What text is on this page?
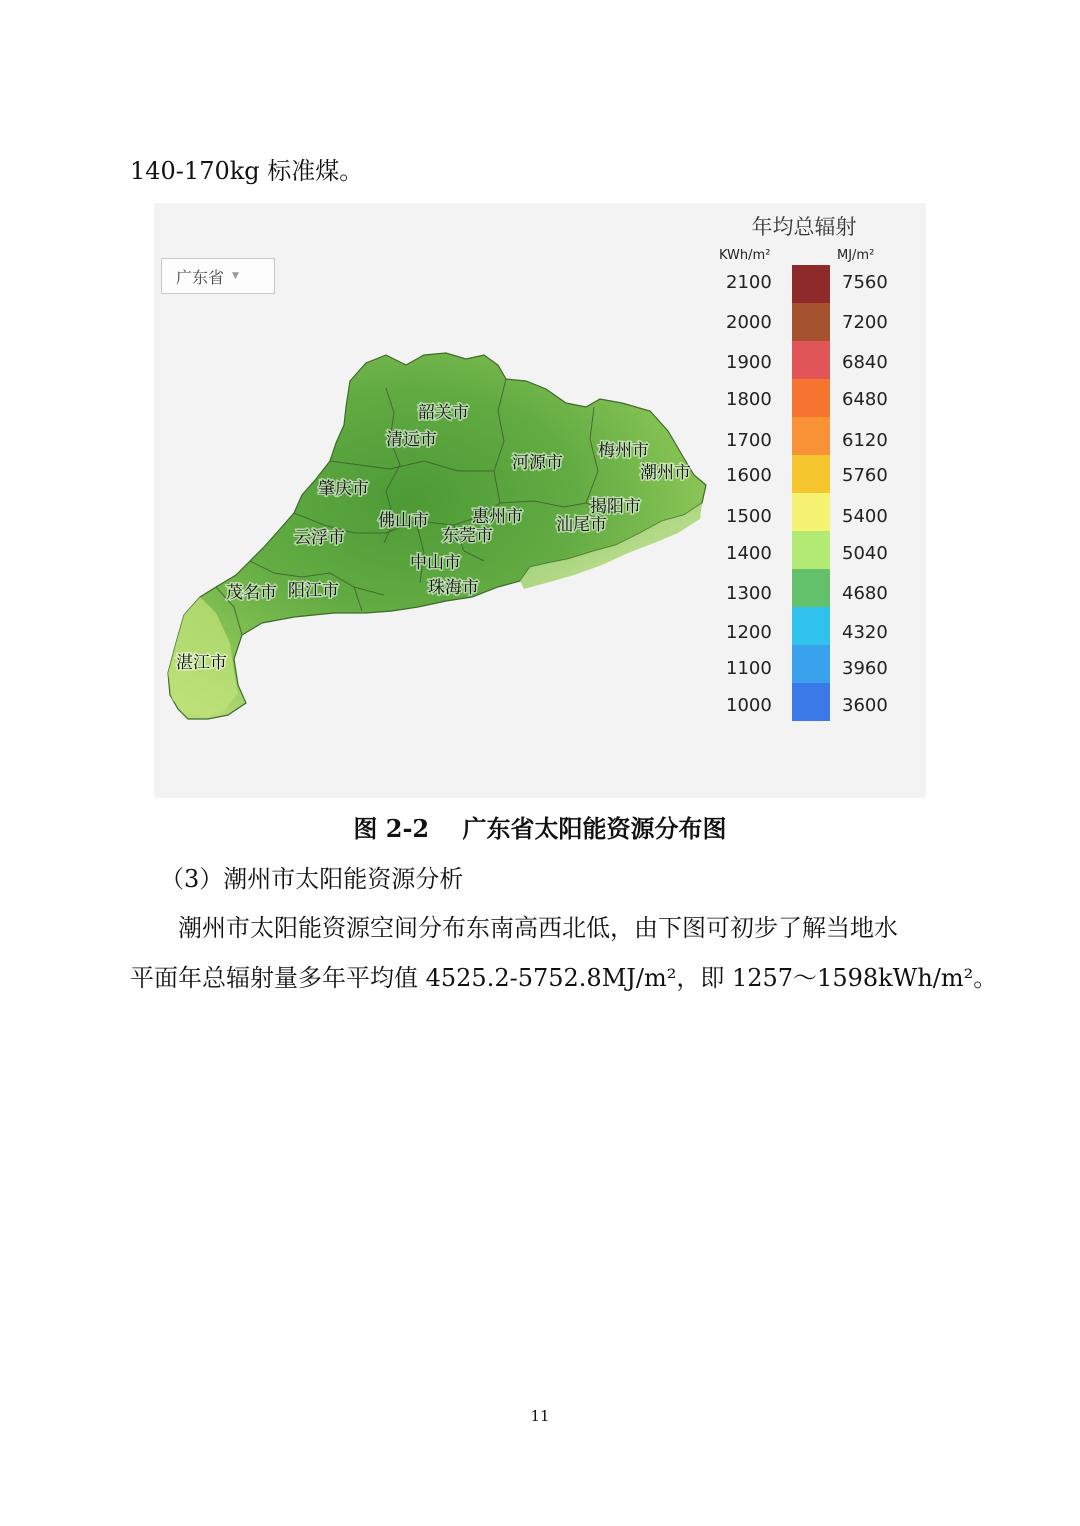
140-170kg 标准煤。

广东省 ▼
韶关市
清远市
河源市
梅州市
潮州市
肇庆市
揭阳市
云浮市
佛山市	惠州市
东莞市
汕尾市
中山市
珠海市
茂名市 阳江市
湛江市
年均总辐射
KWh/m²	MJ/m²
2100	7560
2000	7200
1900	6840
1800	6480
1700	6120
1600	5760
1500	5400
1400	5040
1300	4680
1200	4320
1100	3960
1000	3600
图 2-2    广东省太阳能资源分布图

（3）潮州市太阳能资源分析

潮州市太阳能资源空间分布东南高西北低，由下图可初步了解当地水

平面年总辐射量多年平均值 4525.2-5752.8MJ/m²，即 1257～1598kWh/m²。

11
